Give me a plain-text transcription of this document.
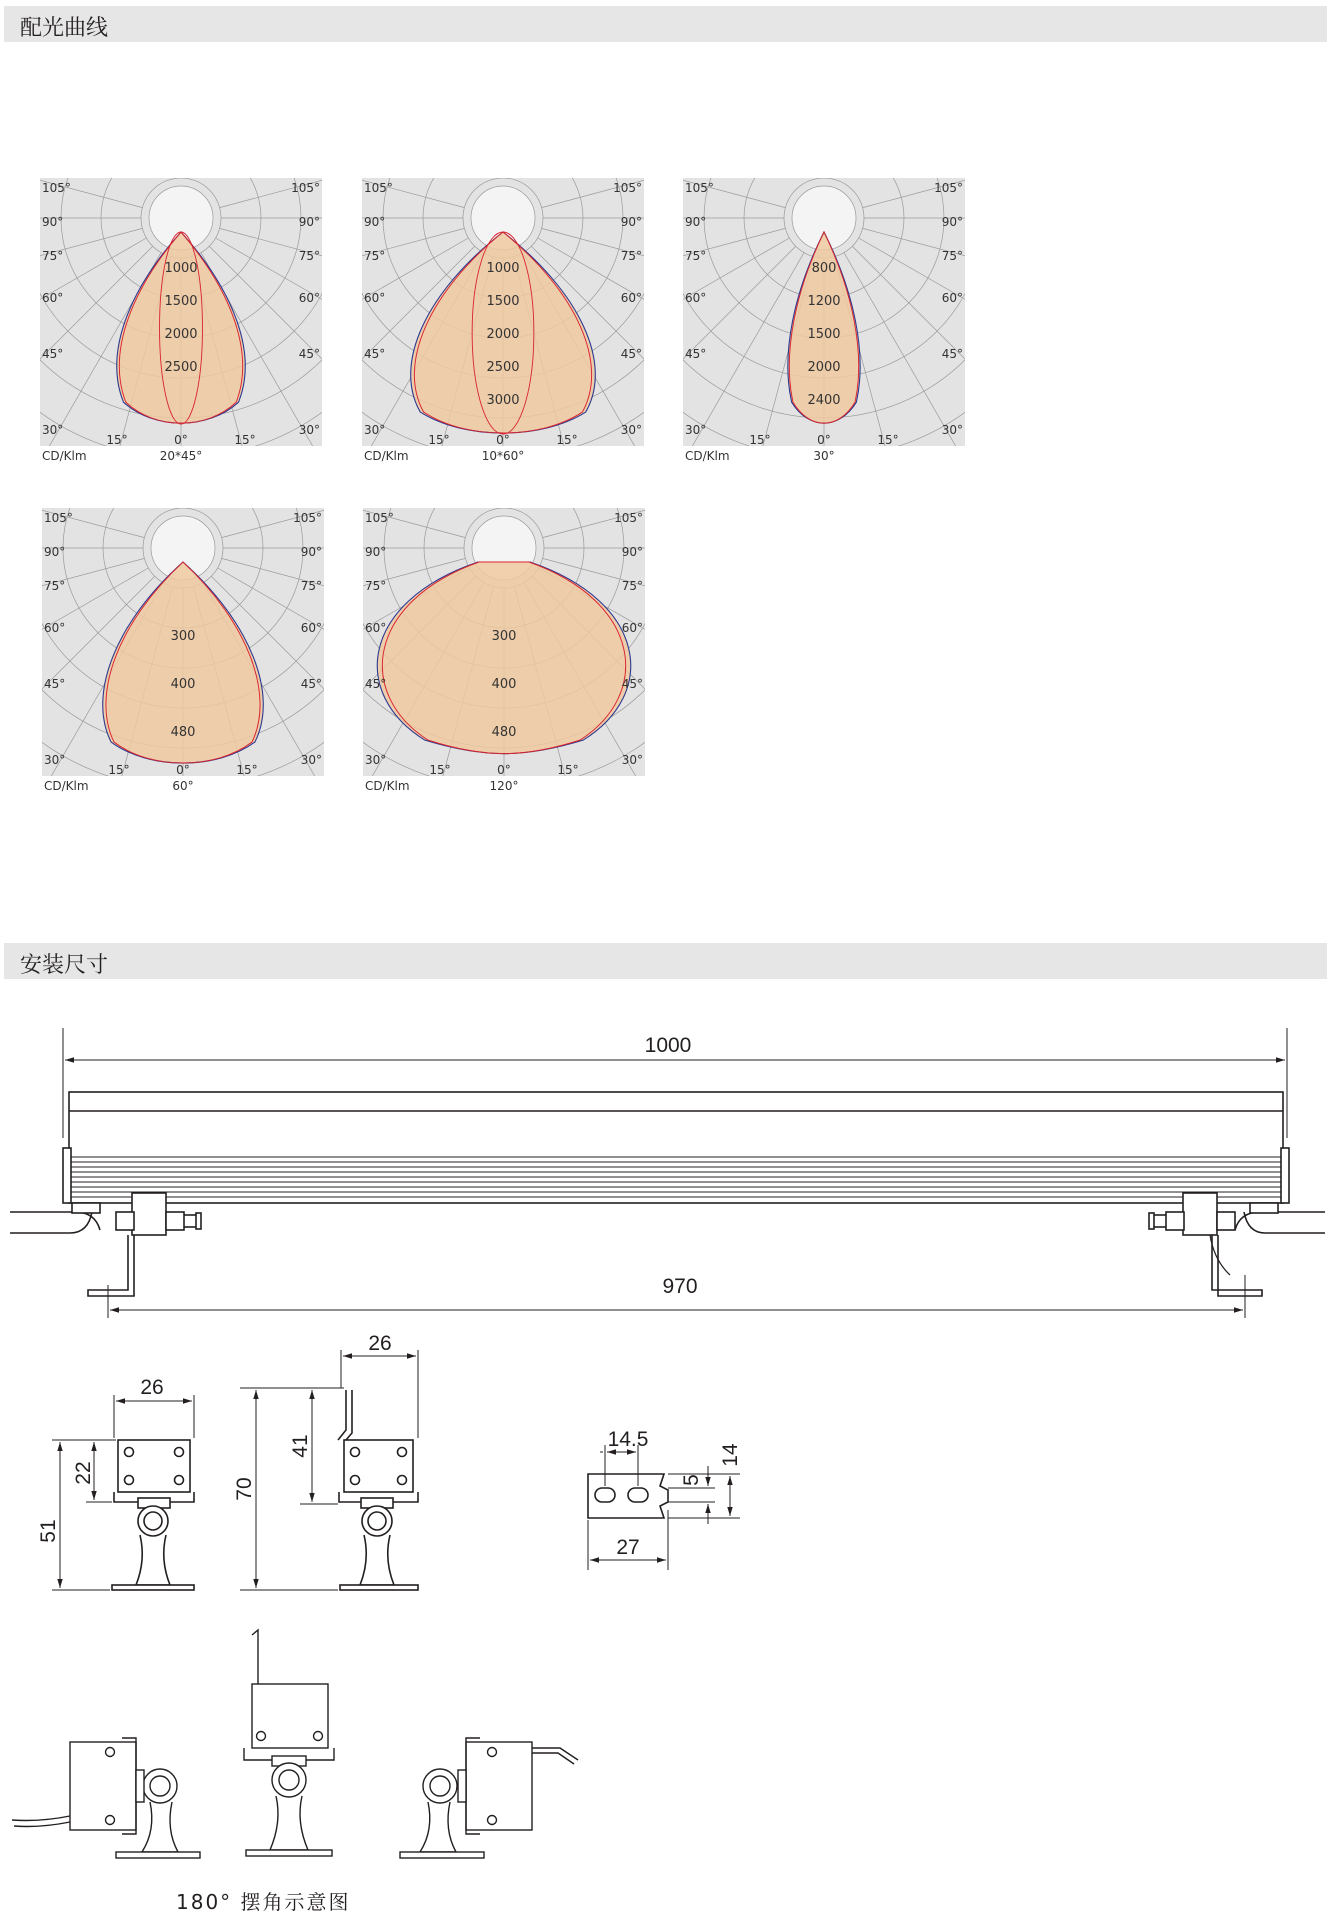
配光曲线
1000
1500
2000
2500
105°
90°
75°
60°
45°
30°
105°
90°
75°
60°
45°
30°
15°	0°	15°
CD/Klm	20*45°
1000
1500
2000
2500
3000
105°
90°
75°
60°
45°
30°
105°
90°
75°
60°
45°
30°
15°	0°	15°
CD/Klm	10*60°
800
1200
1500
2000
2400
105°
90°
75°
60°
45°
30°
105°
90°
75°
60°
45°
30°
15°	0°	15°
CD/Klm	30°
300
400
480
105°
90°
75°
60°
45°
30°
105°
90°
75°
60°
45°
30°
15°	0°	15°
CD/Klm	60°
300
400
480
105°
90°
75°
60°
45°
30°
105°
90°
75°
60°
45°
30°
15°	0°	15°
CD/Klm	120°
安装尺寸
1000
970
26
22
51
26
41
70
14.5
14
5
27
180° 摆角示意图
